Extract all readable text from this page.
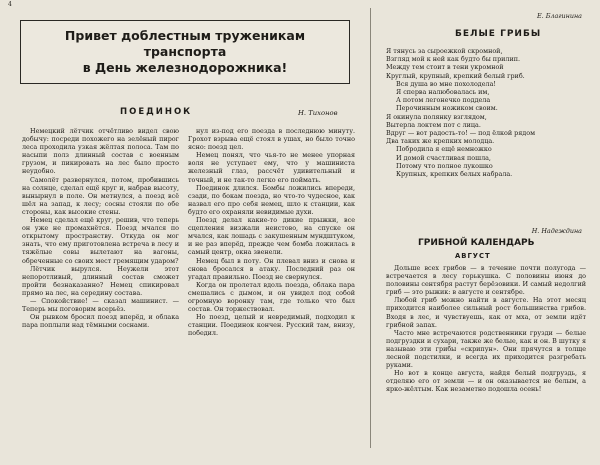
4
Привет доблестным труженикам транспорта
в День железнодорожника!
ПОЕДИНОК	Н. Тихонов

Немецкий лётчик отчётливо видел свою добычу: посреди похожего на зелёный пирог леса проходила узкая жёлтая полоса. Там по насыпи полз длинный состав с военным грузом, и пикировать на лес было просто неудобно.

Самолёт развернулся, потом, пробившись на солнце, сделал ещё круг и, набрав высоту, вынырнул в поле. Он метнулся, а поезд всё шёл на запад, к лесу; сосны стояли по обе стороны, как высокие стены.

Немец сделал ещё круг, решив, что теперь он уже не промахнётся. Поезд мчался по открытому пространству. Откуда он мог знать, что ему приготовлена встреча в лесу и тяжёлые совы вылетают на вагоны, обреченные со своих мест гремящим ударом?

Лётчик вырулся. Неужели этот непоротливый, длинный состав сможет пройти безнаказанно? Немец спикировал прямо на лес, на середину состава.

— Спокойствие! — сказал машинист. — Теперь мы поговорим всерьёз.

Он рывком бросил поезд вперёд, и облака пара поплыли над тёмными соснами.

нул из-под его поезда в последнюю минуту. Грохот взрыва ещё стоял в ушах, но было точно ясно: поезд цел.

Немец понял, что чья-то не менее упорная воля не уступает ему, что у машиниста железный глаз, рассчёт удивительный и точный, и не так-то легко его поймать.

Поединок длился. Бомбы ложились впереди, сзади, по бокам поезда, но что-то чудесное, как назвал его про себя немец, шло к станции, как будто его охраняли невидимые духи.

Поезд делал какие-то дикие прыжки, все сцепления визжали неистово, на спуске он мчался, как лошадь с закушенным мундштуком, и не раз вперёд, прежде чем бомба ложилась в самый центр, окна звенели.

Немец был в поту. Он плевал вниз и снова и снова бросался в атаку. Последний раз он угадал правильно. Поезд не свернулся.

Когда он пролетал вдоль поезда, облака пара смешались с дымом, и он увидел под собой огромную воронку там, где только что был состав. Он торжествовал.

Но поезд, целый и невредимый, подходил к станции. Поединок кончен. Русский там, внизу, победил.

Е. Благинина
БЕЛЫЕ ГРИБЫ
Я тянусь за сыроежкой скромной,
Взгляд мой к ней как будто бы прилип.
Между тем стоит в тени укромной
Круглый, крупный, крепкий белый гриб.
Вся душа во мне похолодела!
Я сперва налюбовалась им,
А потом легонечко поддела
Перочинным ножиком своим.
Я окинула полянку взглядом,
Вытерла локтем пот с лица.
Вдруг — вот радость-то! — под ёлкой рядом
Два таких же крепких молодца.
Побродила я ещё немножко
И домой счастливая пошла,
Потому что полное лукошко
Крупных, крепких белых набрала.
Н. Надеждина
ГРИБНОЙ КАЛЕНДАРЬ
АВГУСТ

Дольше всех грибов — в течение почти полугода — встречается в лесу горькушка. С половины июня до половины сентября растут берёзовики. И самый недолгий гриб — это рыжик: в августе и сентябре.

Любой гриб можно найти в августе. На этот месяц приходится наиболее сильный рост большинства грибов. Входя в лес, и чувствуешь, как от мха, от земли идёт грибной запах.

Часто мне встречаются родственники грузди — белые подгруздки и сухари, также же белые, как и он. В шутку я называю эти грибы «скрипун». Они прячутся в толще лесной подстилки, и всегда их приходится разгребать руками.

Но вот в конце августа, найдя белый подгруздь, я отделяю его от земли — и он оказывается не белым, а ярко-жёлтым. Как незаметно подошла осень!
